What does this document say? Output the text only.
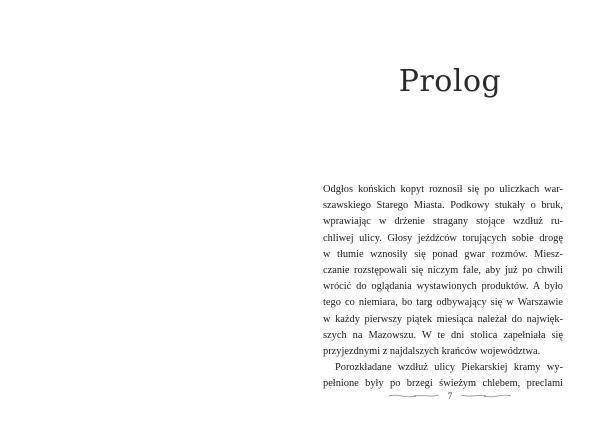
Prolog
Odgłos końskich kopyt roznosił się po uliczkach war-
szawskiego Starego Miasta. Podkowy stukały o bruk,
wprawiając w drżenie stragany stojące wzdłuż ru-
chliwej ulicy. Głosy jeźdźców torujących sobie drogę
w tłumie wznosiły się ponad gwar rozmów. Miesz-
czanie rozstępowali się niczym fale, aby już po chwili
wrócić do oglądania wystawionych produktów. A było
tego co niemiara, bo targ odbywający się w Warszawie
w każdy pierwszy piątek miesiąca należał do najwięk-
szych na Mazowszu. W te dni stolica zapełniała się
przyjezdnymi z najdalszych krańców województwa.
Porozkładane wzdłuż ulicy Piekarskiej kramy wy-
pełnione były po brzegi świeżym chlebem, preclami
7
